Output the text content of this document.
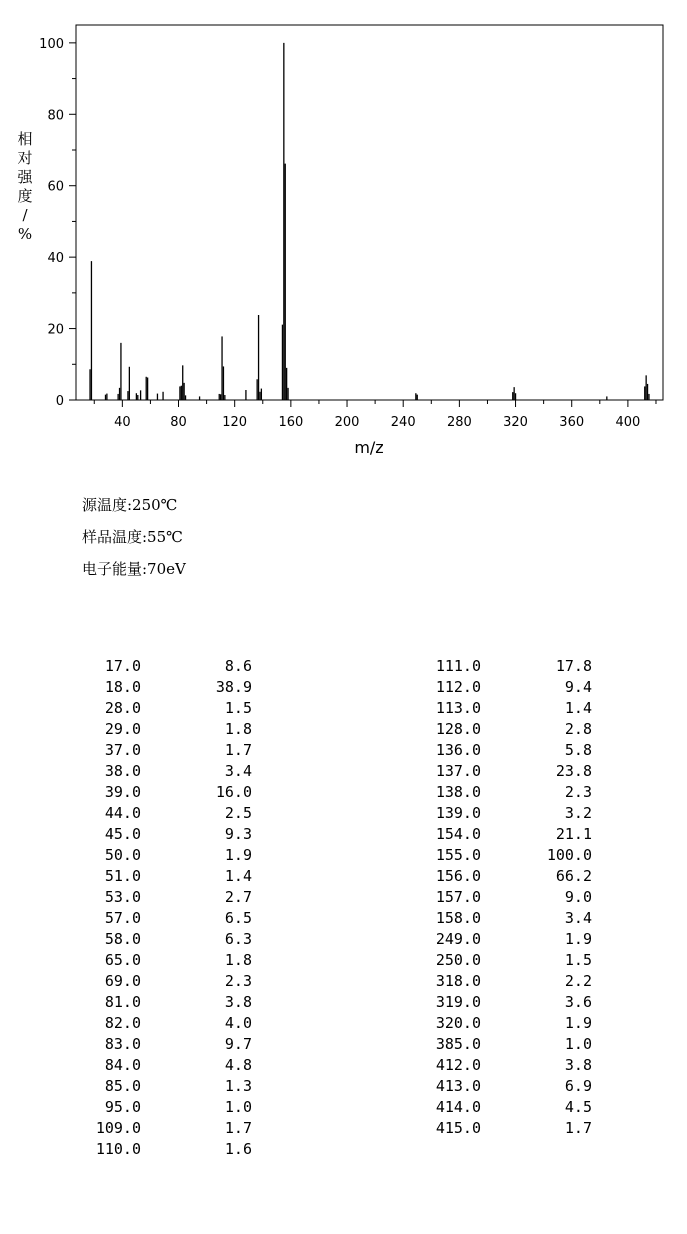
0
20
40
60
80
100
40	80	120 160 200 240 280 320 360 400
m/z
相
对
强
度
/
%
源温度:250℃
样品温度:55℃
电子能量:70eV
17.0	8.6
18.0	38.9
28.0	1.5
29.0	1.8
37.0	1.7
38.0	3.4
39.0	16.0
44.0	2.5
45.0	9.3
50.0	1.9
51.0	1.4
53.0	2.7
57.0	6.5
58.0	6.3
65.0	1.8
69.0	2.3
81.0	3.8
82.0	4.0
83.0	9.7
84.0	4.8
85.0	1.3
95.0	1.0
109.0	1.7
110.0	1.6
111.0	17.8
112.0	9.4
113.0	1.4
128.0	2.8
136.0	5.8
137.0	23.8
138.0	2.3
139.0	3.2
154.0	21.1
155.0	100.0
156.0	66.2
157.0	9.0
158.0	3.4
249.0	1.9
250.0	1.5
318.0	2.2
319.0	3.6
320.0	1.9
385.0	1.0
412.0	3.8
413.0	6.9
414.0	4.5
415.0	1.7
